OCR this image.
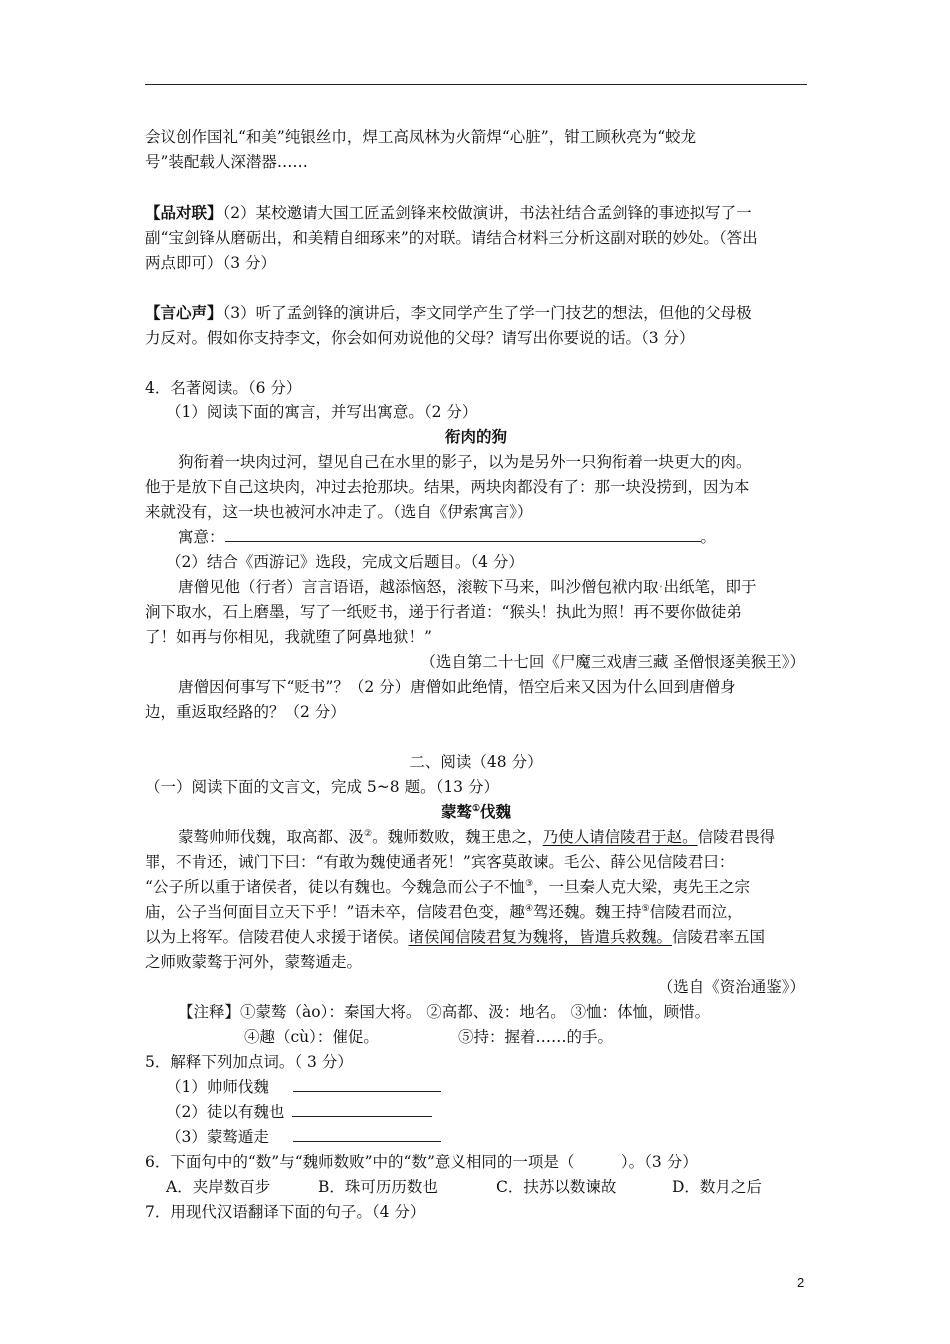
会议创作国礼“和美”纯银丝巾，焊工高凤林为火箭焊“心脏”，钳工顾秋亮为“蛟龙
号”装配载人深潜器……
【品对联】（2）某校邀请大国工匠孟剑锋来校做演讲，书法社结合孟剑锋的事迹拟写了一
副“宝剑锋从磨砺出，和美精自细琢来”的对联。请结合材料三分析这副对联的妙处。（答出
两点即可）（3 分）
【言心声】（3）听了孟剑锋的演讲后，李文同学产生了学一门技艺的想法，但他的父母极
力反对。假如你支持李文，你会如何劝说他的父母？请写出你要说的话。（3 分）
4．名著阅读。（6 分）
（1）阅读下面的寓言，并写出寓意。（2 分）
衔肉的狗
狗衔着一块肉过河，望见自己在水里的影子，以为是另外一只狗衔着一块更大的肉。
他于是放下自己这块肉，冲过去抢那块。结果，两块肉都没有了：那一块没捞到，因为本
来就没有，这一块也被河水冲走了。（选自《伊索寓言》）
寓意：	。
（2）结合《西游记》选段，完成文后题目。（4 分）
唐僧见他（行者）言言语语，越添恼怒，滚鞍下马来，叫沙僧包袱内取·出纸笔，即于
涧下取水，石上磨墨，写了一纸贬书，递于行者道：“猴头！执此为照！再不要你做徒弟
了！如再与你相见，我就堕了阿鼻地狱！”
（选自第二十七回《尸魔三戏唐三藏 圣僧恨逐美猴王》）
唐僧因何事写下“贬书”？（2 分）唐僧如此绝情，悟空后来又因为什么回到唐僧身
边，重返取经路的？（2 分）
二、阅读（48 分）
（一）阅读下面的文言文，完成 5~8 题。（13 分）
蒙骜①伐魏
蒙骜帅师伐魏，取高都、汲②。魏师数败，魏王患之，乃使人请信陵君于赵。信陵君畏得
罪，不肯还，诫门下曰：“有敢为魏使通者死！”宾客莫敢谏。毛公、薛公见信陵君曰：
“公子所以重于诸侯者，徒以有魏也。今魏急而公子不恤③，一旦秦人克大梁，夷先王之宗
庙，公子当何面目立天下乎！”语未卒，信陵君色变，趣④驾还魏。魏王持⑤信陵君而泣，
以为上将军。信陵君使人求援于诸侯。诸侯闻信陵君复为魏将，皆遣兵救魏。信陵君率五国
之师败蒙骜于河外，蒙骜遁走。
（选自《资治通鉴》）
【注释】①蒙骜（ào）：秦国大将。 ②高都、汲：地名。 ③恤：体恤，顾惜。
④趣（cù）：催促。	⑤持：握着……的手。
5．解释下列加点词。（ 3 分）
（1）帅师伐魏
（2）徒以有魏也
（3）蒙骜遁走
6．下面句中的“数”与“魏师数败”中的“数”意义相同的一项是（　　　）。（3 分）
A．夹岸数百步	B．珠可历历数也	C．扶苏以数谏故	D．数月之后
7．用现代汉语翻译下面的句子。（4 分）
2
